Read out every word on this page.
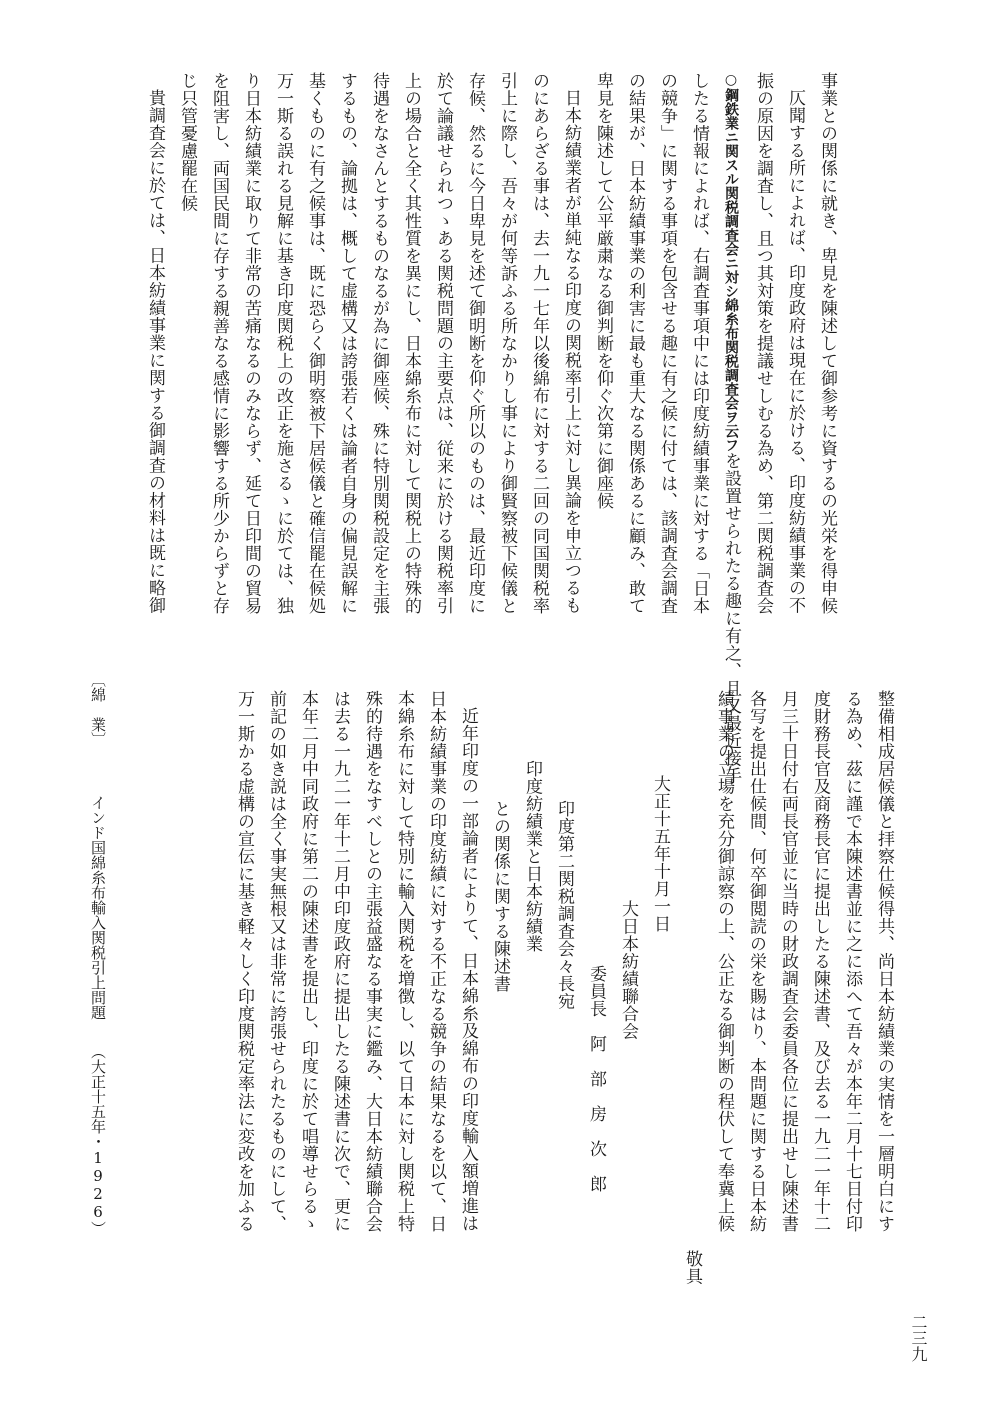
事業との関係に就き、卑見を陳述して御参考に資するの光栄を得申候
仄聞する所によれば、印度政府は現在に於ける、印度紡績事業の不
振の原因を調査し、且つ其対策を提議せしむる為め、第二関税調査会
○鋼鉄業ニ関スル関税調査会ニ対シ綿糸布関税調査会ヲ云フを設置せられたる趣に有之、且又最近接手
したる情報によれば、右調査事項中には印度紡績事業に対する「日本
の競争」に関する事項を包含せる趣に有之候に付ては、該調査会調査
の結果が、日本紡績事業の利害に最も重大なる関係あるに顧み、敢て
卑見を陳述して公平厳粛なる御判断を仰ぐ次第に御座候
日本紡績業者が単純なる印度の関税率引上に対し異論を申立つるも
のにあらざる事は、去一九一七年以後綿布に対する二回の同国関税率
引上に際し、吾々が何等訴ふる所なかりし事により御賢察被下候儀と
存候、然るに今日卑見を述て御明断を仰ぐ所以のものは、最近印度に
於て論議せられつゝある関税問題の主要点は、従来に於ける関税率引
上の場合と全く其性質を異にし、日本綿糸布に対して関税上の特殊的
待遇をなさんとするものなるが為に御座候、殊に特別関税設定を主張
するもの、論拠は、概して虚構又は誇張若くは論者自身の偏見誤解に
基くものに有之候事は、既に恐らく御明察被下居候儀と確信罷在候処
万一斯る誤れる見解に基き印度関税上の改正を施さるゝに於ては、独
り日本紡績業に取りて非常の苦痛なるのみならず、延て日印間の貿易
を阻害し、両国民間に存する親善なる感情に影響する所少からずと存
じ只管憂慮罷在候
貴調査会に於ては、日本紡績事業に関する御調査の材料は既に略御
整備相成居候儀と拝察仕候得共、尚日本紡績業の実情を一層明白にす
る為め、茲に謹で本陳述書並に之に添へて吾々が本年二月十七日付印
度財務長官及商務長官に提出したる陳述書、及び去る一九二一年十二
月三十日付右両長官並に当時の財政調査会委員各位に提出せし陳述書
各写を提出仕候間、何卒御閲読の栄を賜はり、本問題に関する日本紡
績事業の立場を充分御諒察の上、公正なる御判断の程伏して奉冀上候
敬具
大正十五年十月一日
大日本紡績聯合会
委員長　阿　部　房　次　郎
印度第二関税調査会々長宛
印度紡績業と日本紡績業
との関係に関する陳述書
近年印度の一部論者によりて、日本綿糸及綿布の印度輸入額増進は
日本紡績事業の印度紡績に対する不正なる競争の結果なるを以て、日
本綿糸布に対して特別に輸入関税を増徴し、以て日本に対し関税上特
殊的待遇をなすべしとの主張益盛なる事実に鑑み、大日本紡績聯合会
は去る一九二一年十二月中印度政府に提出したる陳述書に次で、更に
本年二月中同政府に第二の陳述書を提出し、印度に於て唱導せらるゝ
前記の如き説は全く事実無根又は非常に誇張せられたるものにして、
万一斯かる虚構の宣伝に基き軽々しく印度関税定率法に変改を加ふる
〔綿　業〕インド国綿糸布輸入関税引上問題（大正十五年・1926）
二三九
